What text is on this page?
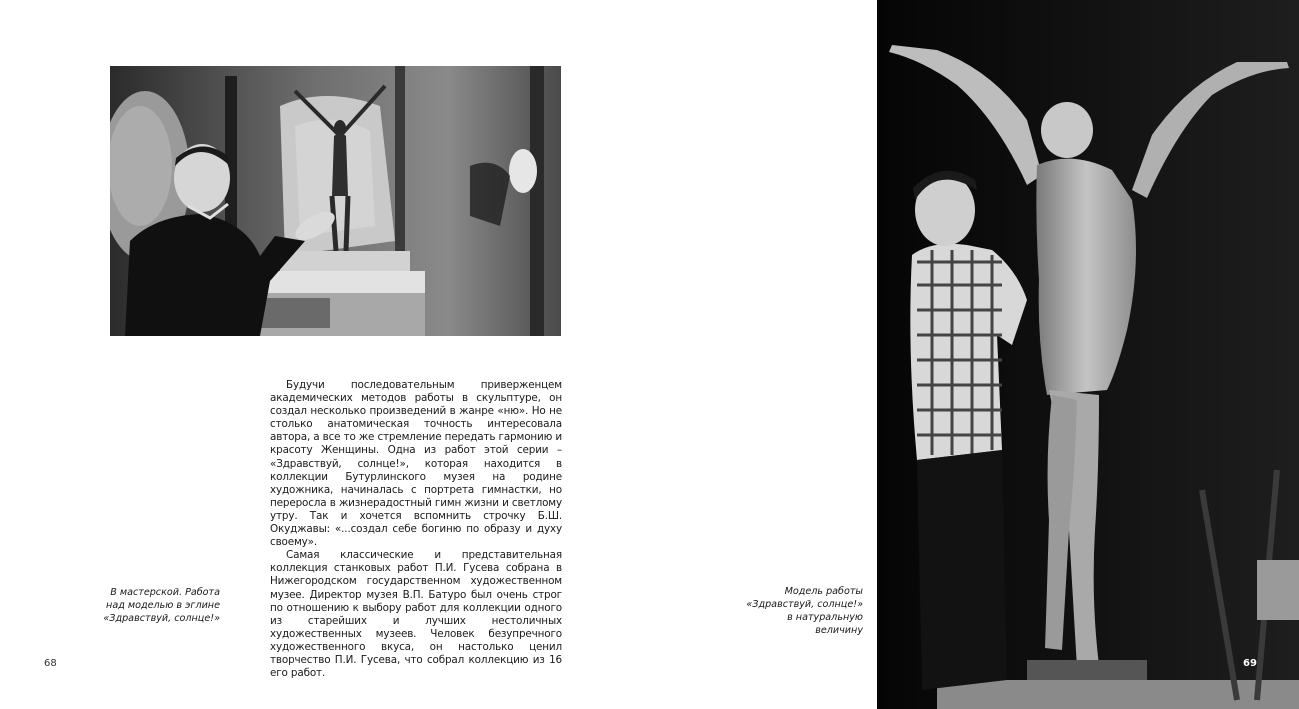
Будучи последовательным приверженцем академических методов работы в скульптуре, он создал несколько произведений в жанре «ню». Но не столько анатомическая точность интересовала автора, а все то же стремление передать гармонию и красоту Женщины. Одна из работ этой серии – «Здравствуй, солнце!», которая находится в коллекции Бутурлинского музея на родине художника, начиналась с портрета гимнастки, но переросла в жизнерадостный гимн жизни и светлому утру. Так и хочется вспомнить строчку Б.Ш. Окуджавы: «...создал себе богиню по образу и духу своему».

Самая классические и представительная коллекция станковых работ П.И. Гусева собрана в Нижегородском государственном художественном музее. Директор музея В.П. Батуро был очень строг по отношению к выбору работ для коллекции одного из старейших и лучших нестоличных художественных музеев. Человек безупречного художественного вкуса, он настолько ценил творчество П.И. Гусева, что собрал коллекцию из 16 его работ.

В мастерской. Работа
над моделью в эглине
«Здравствуй, солнце!»
Модель работы
«Здравствуй, солнце!»
в натуральную величину
68	69
